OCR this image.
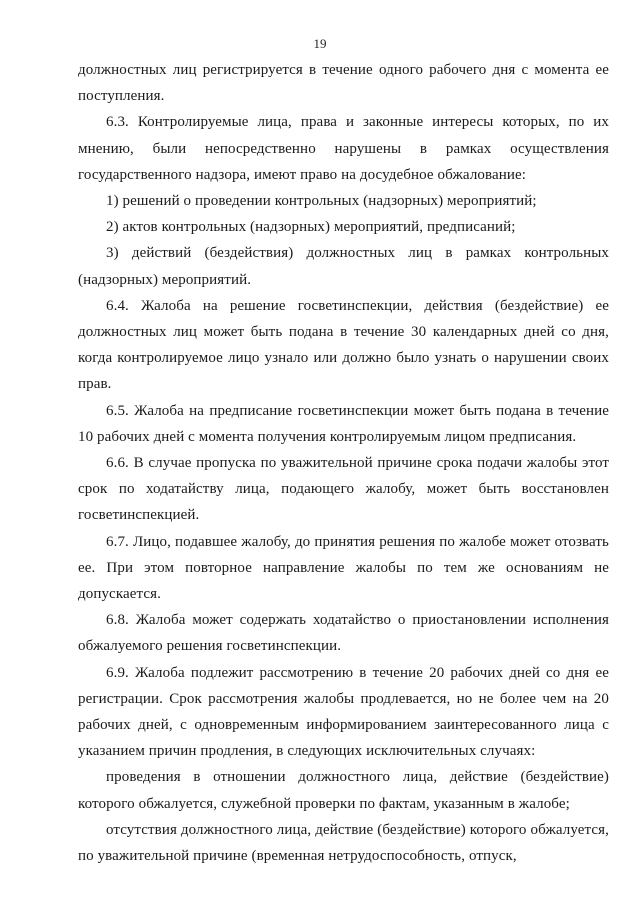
19

должностных лиц регистрируется в течение одного рабочего дня с момента ее поступления.

6.3. Контролируемые лица, права и законные интересы которых, по их мнению, были непосредственно нарушены в рамках осуществления государственного надзора, имеют право на досудебное обжалование:

1) решений о проведении контрольных (надзорных) мероприятий;

2) актов контрольных (надзорных) мероприятий, предписаний;

3) действий (бездействия) должностных лиц в рамках контрольных (надзорных) мероприятий.

6.4. Жалоба на решение госветинспекции, действия (бездействие) ее должностных лиц может быть подана в течение 30 календарных дней со дня, когда контролируемое лицо узнало или должно было узнать о нарушении своих прав.

6.5. Жалоба на предписание госветинспекции может быть подана в течение 10 рабочих дней с момента получения контролируемым лицом предписания.

6.6. В случае пропуска по уважительной причине срока подачи жалобы этот срок по ходатайству лица, подающего жалобу, может быть восстановлен госветинспекцией.

6.7. Лицо, подавшее жалобу, до принятия решения по жалобе может отозвать ее. При этом повторное направление жалобы по тем же основаниям не допускается.

6.8. Жалоба может содержать ходатайство о приостановлении исполнения обжалуемого решения госветинспекции.

6.9. Жалоба подлежит рассмотрению в течение 20 рабочих дней со дня ее регистрации. Срок рассмотрения жалобы продлевается, но не более чем на 20 рабочих дней, с одновременным информированием заинтересованного лица с указанием причин продления, в следующих исключительных случаях:

проведения в отношении должностного лица, действие (бездействие) которого обжалуется, служебной проверки по фактам, указанным в жалобе;

отсутствия должностного лица, действие (бездействие) которого обжалуется, по уважительной причине (временная нетрудоспособность, отпуск,
